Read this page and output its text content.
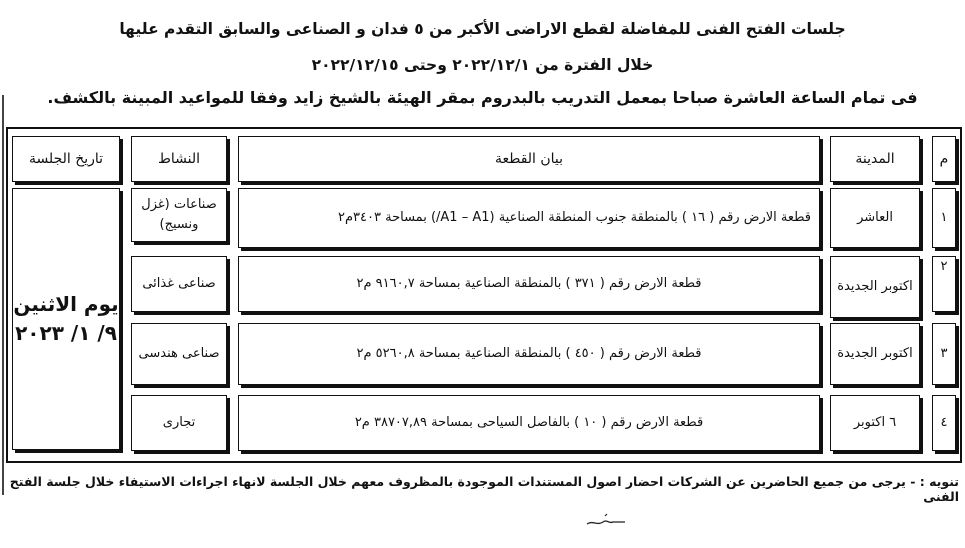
جلسات الفتح الفنى للمفاضلة لقطع الاراضى الأكبر من ٥ فدان و الصناعى والسابق التقدم عليها
خلال الفترة من ٢٠٢٢/١٢/١ وحتى ٢٠٢٢/١٢/١٥
فى تمام الساعة العاشرة صباحا بمعمل التدريب بالبدروم بمقر الهيئة بالشيخ زايد وفقا للمواعيد المبينة بالكشف.
م
المدينة
بيان القطعة
النشاط
تاريخ الجلسة
١
العاشر
قطعة الارض رقم ( ١٦ ) بالمنطقة جنوب المنطقة الصناعية (A1 – A1/) بمساحة ٣٤٠٣م٢
صناعات (غزل ونسيج)
٢
اكتوبر الجديدة
قطعة الارض رقم ( ٣٧١ ) بالمنطقة الصناعية بمساحة ٩١٦٠,٧ م٢
صناعى غذائى
٣
اكتوبر الجديدة
قطعة الارض رقم ( ٤٥٠ ) بالمنطقة الصناعية بمساحة ٥٢٦٠,٨ م٢
صناعى هندسى
٤
٦ اكتوبر
قطعة الارض رقم ( ١٠ ) بالفاصل السياحى بمساحة ٣٨٧٠٧,٨٩ م٢
تجارى
يوم الاثنين
٩/ ١/ ٢٠٢٣
تنويه : - يرجى من جميع الحاضرين عن الشركات احضار اصول المستندات الموجودة بالمظروف معهم خلال الجلسة لانهاء اجراءات الاستيفاء خلال جلسة الفتح الفنى
